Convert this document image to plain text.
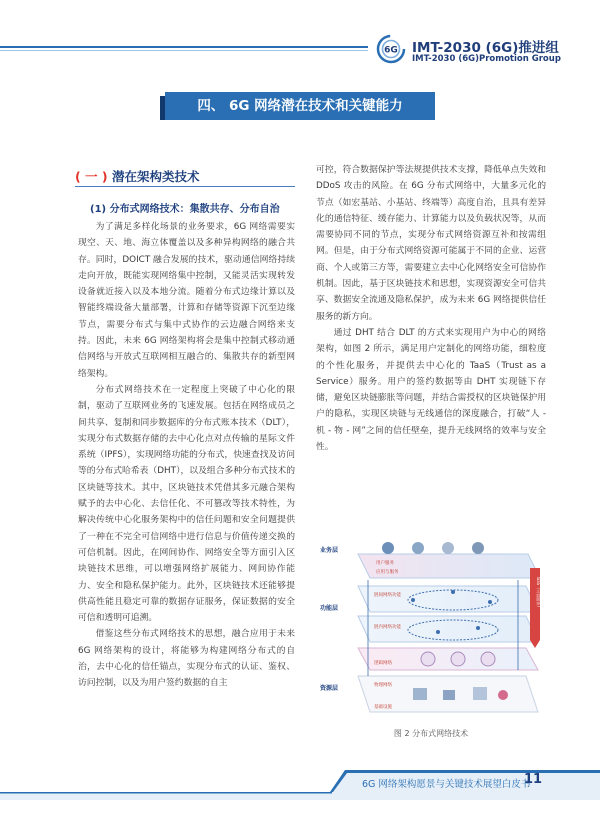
6G IMT-2030 (6G)推进组
IMT-2030 (6G)Promotion Group
四、 6G 网络潜在技术和关键能力
( 一 ) 潜在架构类技术
(1) 分布式网络技术：集散共存、分布自治

为了满足多样化场景的业务要求，6G 网络需要实现空、天、地、海立体覆盖以及多种异构网络的融合共存。同时，DOICT 融合发展的技术，驱动通信网络持续走向开放，既能实现网络集中控制，又能灵活实现转发设备就近接入以及本地分流。随着分布式边缘计算以及智能终端设备大量部署，计算和存储等资源下沉至边缘节点，需要分布式与集中式协作的云边融合网络来支持。因此，未来 6G 网络架构将会是集中控制式移动通信网络与开放式互联网相互融合的、集散共存的新型网络架构。

分布式网络技术在一定程度上突破了中心化的限制，驱动了互联网业务的飞速发展。包括在网络成员之间共享、复制和同步数据库的分布式账本技术（DLT），实现分布式数据存储的去中心化点对点传输的星际文件系统（IPFS），实现网络功能的分布式，快速查找及访问等的分布式哈希表（DHT），以及组合多种分布式技术的区块链等技术。其中，区块链技术凭借其多元融合架构赋予的去中心化、去信任化、不可篡改等技术特性，为解决传统中心化服务架构中的信任问题和安全问题提供了一种在不完全可信网络中进行信息与价值传递交换的可信机制。因此，在网间协作、网络安全等方面引入区块链技术思维，可以增强网络扩展能力、网间协作能力、安全和隐私保护能力。此外，区块链技术还能够提供高性能且稳定可靠的数据存证服务，保证数据的安全可信和透明可追溯。

借鉴这些分布式网络技术的思想，融合应用于未来 6G 网络架构的设计，将能够为构建网络分布式的自治，去中心化的信任锚点，实现分布式的认证、鉴权、访问控制，以及为用户签约数据的自主

可控，符合数据保护等法规提供技术支撑，降低单点失效和 DDoS 攻击的风险。在 6G 分布式网络中，大量多元化的节点（如宏基站、小基站、终端等）高度自治，且具有差异化的通信特征、缓存能力、计算能力以及负载状况等，从而需要协同不同的节点，实现分布式网络资源互补和按需组网。但是，由于分布式网络资源可能属于不同的企业、运营商、个人或第三方等，需要建立去中心化网络安全可信协作机制。因此，基于区块链技术和思想，实现资源安全可信共享、数据安全流通及隐私保护，成为未来 6G 网络提供信任服务的新方向。

通过 DHT 结合 DLT 的方式来实现用户为中心的网络架构，如图 2 所示，满足用户定制化的网络功能，细粒度的个性化服务，并提供去中心化的 TaaS（Trust as a Service）服务。用户的签约数据等由 DHT 实现链下存储，避免区块链膨胀等问题，并结合需授权的区块链保护用户的隐私，实现区块链与无线通信的深度融合，打破“人 - 机 - 物 - 网”之间的信任壁垒，提升无线网络的效率与安全性。

业务层
用户服务
应用与服务
功能层
链间网络功能
链内网络功能
逻辑网络
资源层	物理网络
基础设施
TaaS（可信服务）
图 2 分布式网络技术
6G 网络架构愿景与关键技术展望白皮书
11
